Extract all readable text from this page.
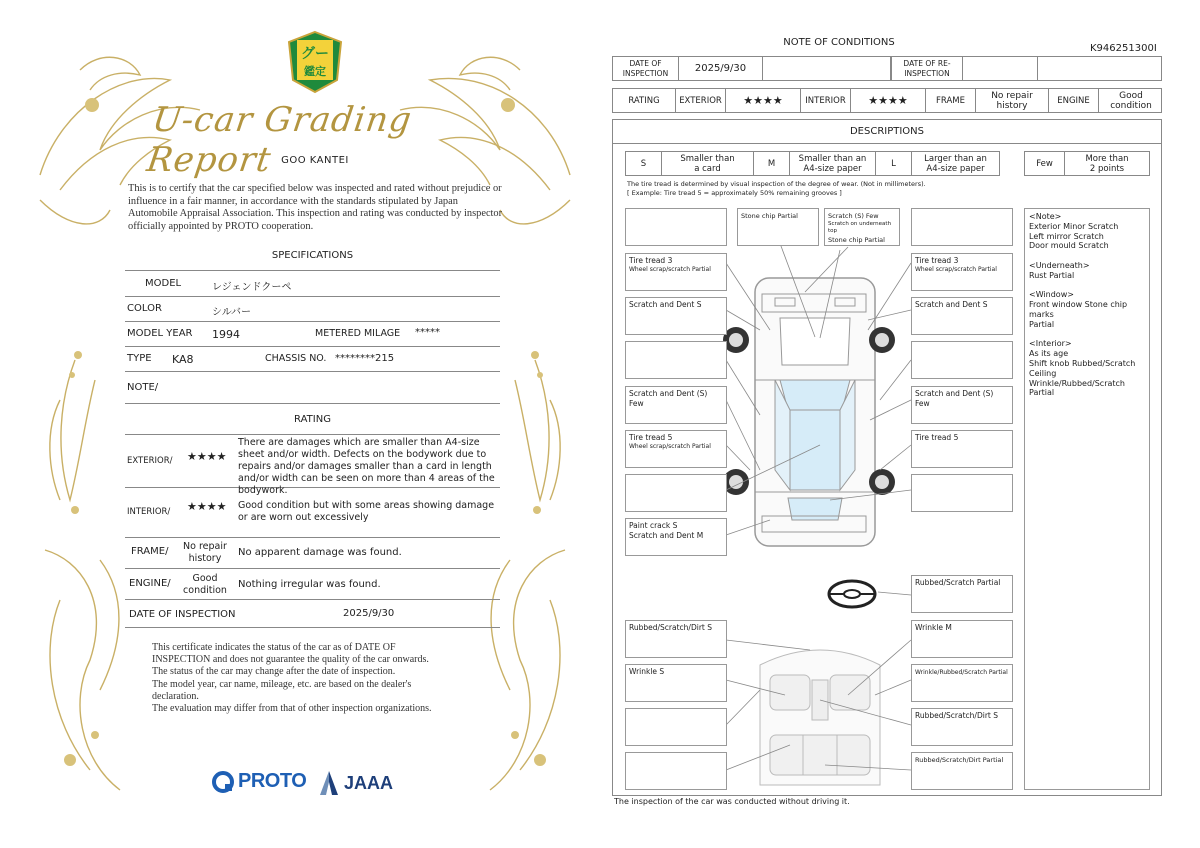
グー
鑑定
U-car Grading Report GOO KANTEI
This is to certify that the car specified below was inspected and rated without prejudice or influence in a fair manner, in accordance with the standards stipulated by Japan Automobile Appraisal Association. This inspection and rating was conducted by inspector officially appointed by PROTO cooperation.
SPECIFICATIONS
MODEL	レジェンドクーペ
COLOR	シルバー
MODEL YEAR 1994	METERED MILAGE *****
TYPE KA8	CHASSIS NO. ********215
NOTE/
RATING
EXTERIOR/ ★★★★
There are damages which are smaller than A4-size sheet and/or width. Defects on the bodywork due to repairs and/or damages smaller than a card in length and/or width can be seen on more than 4 areas of the bodywork.
INTERIOR/ ★★★★ Good condition but with some areas showing damage or are worn out excessively
FRAME/	No repair history
No apparent damage was found.
ENGINE/	Good condition
Nothing irregular was found.
DATE OF INSPECTION	2025/9/30
This certificate indicates the status of the car as of DATE OF
INSPECTION and does not guarantee the quality of the car onwards.
The status of the car may change after the date of inspection.
The model year, car name, mileage, etc. are based on the dealer's
declaration.
The evaluation may differ from that of other inspection organizations.
PROTO JAAA
NOTE OF CONDITIONS
K946251300I
DATE OF INSPECTION	2025/9/30	DATE OF RE-INSPECTION
RATING	EXTERIOR	★★★★	INTERIOR	★★★★	FRAME	No repair history	ENGINE	Good condition
DESCRIPTIONS
S	Smaller than a card	M	Smaller than an A4-size paper	L	Larger than an A4-size paper	Few	More than 2 points
The tire tread is determined by visual inspection of the degree of wear. (Not in millimeters).
[ Example: Tire tread 5 = approximately 50% remaining grooves ]
Stone chip Partial	Scratch (S) Few
Scratch on underneath top
Stone chip Partial
Tire tread 3
Wheel scrap/scratch Partial
Tire tread 3
Wheel scrap/scratch Partial
Scratch and Dent S	Scratch and Dent S
Scratch and Dent (S) Few
Scratch and Dent (S) Few
Tire tread 5
Wheel scrap/scratch Partial
Tire tread 5
Paint crack S
Scratch and Dent M
Rubbed/Scratch Partial
Rubbed/Scratch/Dirt S	Wrinkle M
Wrinkle S	Wrinkle/Rubbed/Scratch Partial
Rubbed/Scratch/Dirt S
Rubbed/Scratch/Dirt Partial
<Note>
Exterior Minor Scratch
Left mirror Scratch
Door mould Scratch
<Underneath>
Rust Partial
<Window>
Front window Stone chip marks
Partial
<Interior>
As its age
Shift knob Rubbed/Scratch
Ceiling
Wrinkle/Rubbed/Scratch
Partial
The inspection of the car was conducted without driving it.
